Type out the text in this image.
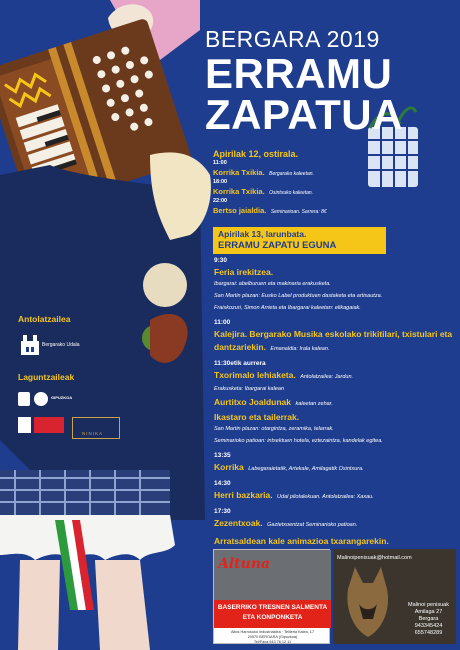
BERGARA 2019
ERRAMU
ZAPATUA
Apirilak 12, ostirala.
11:00
Korrika Txikia. Bergarako kaleetan.
18:00
Korrika Txikia. Osintxuko kaleetan.
22:00
Bertso jaialdia. Seminarioan. Sarrera: 8€
Apirilak 13, larunbata.
ERRAMU ZAPATU EGUNA
9:30
Feria irekitzea.
Ibargarai: abelburuen eta makinaria erakusketa.
San Martin plazan: Eusko Label produktuen dastaketa eta artisautza.
Fraiskozuri, Simon Arrieta eta Ibargarai kaleetan: elikagaiak.
11:00
Kalejira. Bergarako Musika eskolako trikitilari, txistulari eta dantzariekin. Emanaldia: Irala kalean.
11:30etik aurrera
Txorimalo lehiaketa. Antolatzailea: Jardun.
Erakusketa: Ibargarai kalean
Aurtitxo Joaldunak kaleetan zehar.
Ikastaro eta tailerrak.
San Martin plazan: otargintza, zeramika, telarrak.
Seminarioko patioan: intsektuen hotela, eztezaintza, kandelak egitea.
13:35
Korrika Labegaraietatik, Artekale, Amilagatik Osintxura.
14:30
Herri bazkaria. Udal pilotalekuan. Antolatzailea: Xaxau.
17:30
Zezentxoak. Gaztetxoentzat Seminarioko patioan.
Arratsaldean kale animazioa txarangarekin.
Antolatzailea
Bergarako Udala
Laguntzaileak
GIPUZKOA
NINIKA
Altuna
BASERRIKO TRESNEN SALMENTA
ETA KONPONKETA
Altos Harrosoko Industrialdea · Teilleria Kalea, 17
20570 BERGARA (Gipuzkoa)
Tel/Faxa 943 76 12 11
Malinoipenisuak@hotmail.com
Malinoi penisuak
Amilaga 27
Bergara
943345424
655748289
